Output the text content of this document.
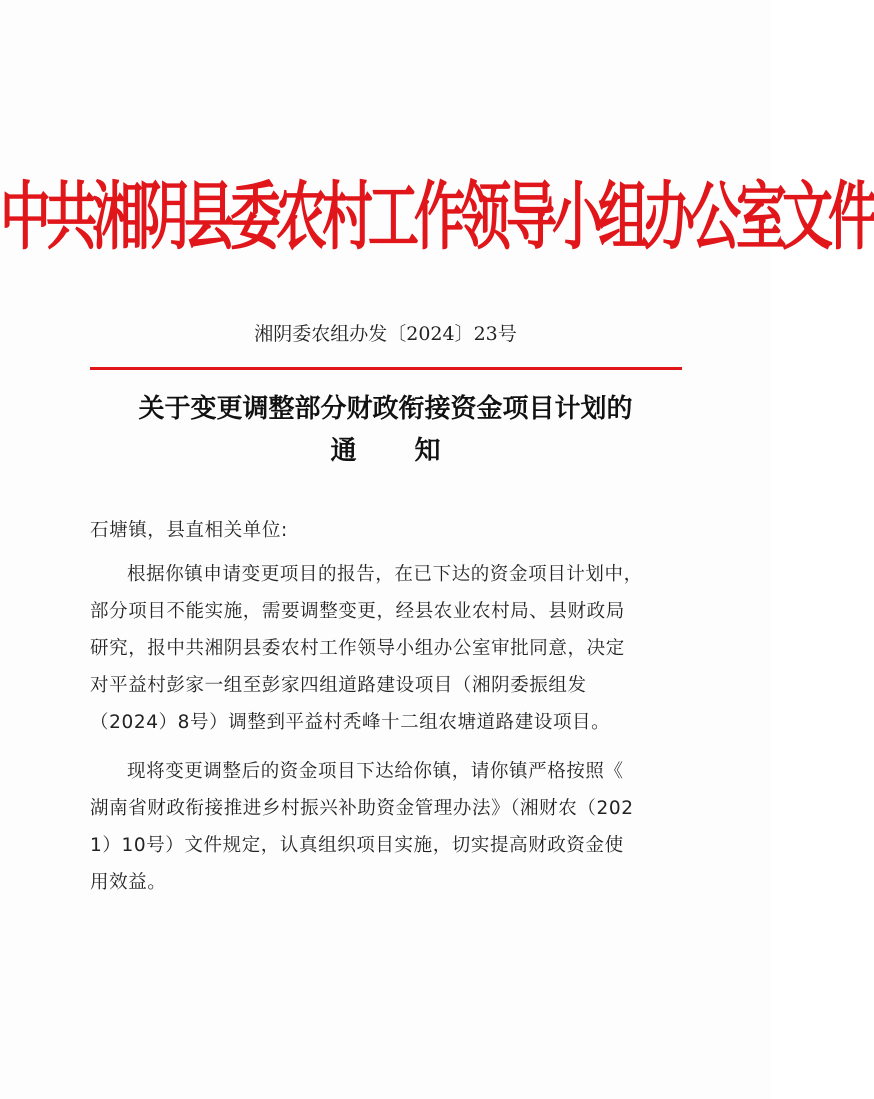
中共湘阴县委农村工作领导小组办公室文件
湘阴委农组办发〔2024〕23号
关于变更调整部分财政衔接资金项目计划的
通 知
石塘镇，县直相关单位:
根据你镇申请变更项目的报告，在已下达的资金项目计划中，
部分项目不能实施，需要调整变更，经县农业农村局、县财政局
研究，报中共湘阴县委农村工作领导小组办公室审批同意，决定
对平益村彭家一组至彭家四组道路建设项目（湘阴委振组发
（2024）8号）调整到平益村秃峰十二组农塘道路建设项目。
现将变更调整后的资金项目下达给你镇，请你镇严格按照《
湖南省财政衔接推进乡村振兴补助资金管理办法》（湘财农（202
1）10号）文件规定，认真组织项目实施，切实提高财政资金使
用效益。
